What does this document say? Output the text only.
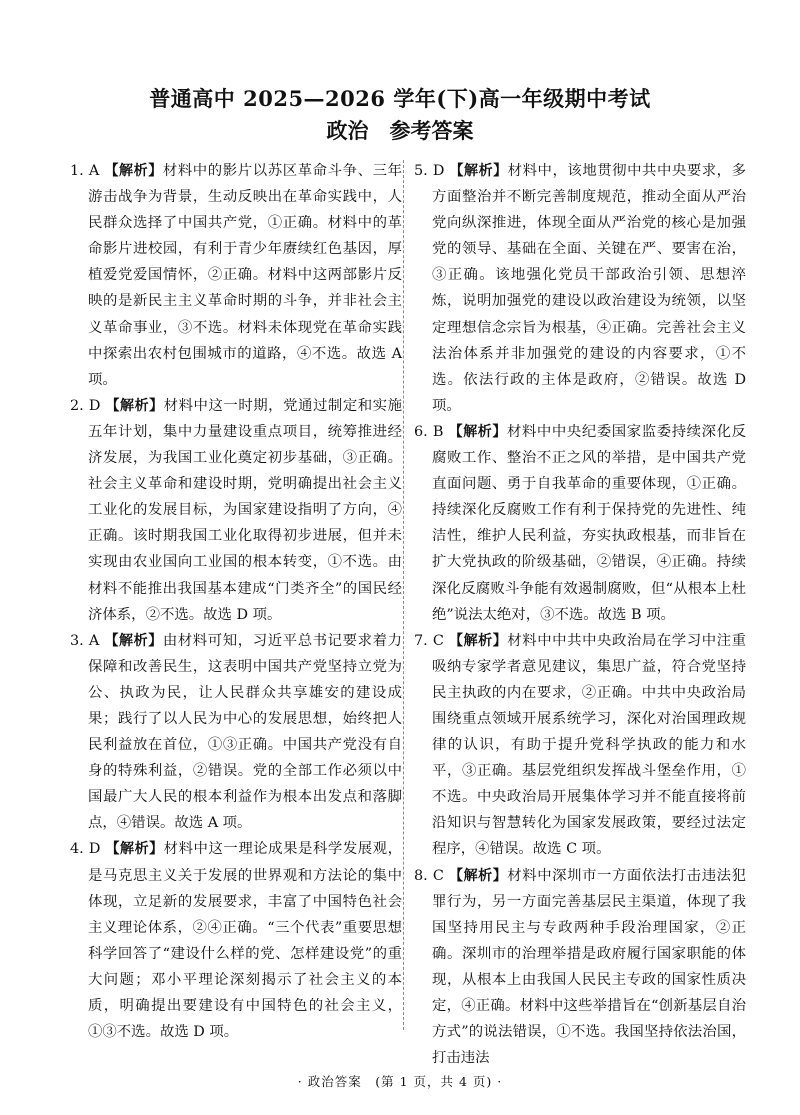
普通高中 2025—2026 学年(下)高一年级期中考试
政治　参考答案

1. A 【解析】材料中的影片以苏区革命斗争、三年游击战争为背景，生动反映出在革命实践中，人民群众选择了中国共产党，①正确。材料中的革命影片进校园，有利于青少年赓续红色基因，厚植爱党爱国情怀，②正确。材料中这两部影片反映的是新民主主义革命时期的斗争，并非社会主义革命事业，③不选。材料未体现党在革命实践中探索出农村包围城市的道路，④不选。故选 A 项。

2. D 【解析】材料中这一时期，党通过制定和实施五年计划，集中力量建设重点项目，统筹推进经济发展，为我国工业化奠定初步基础，③正确。社会主义革命和建设时期，党明确提出社会主义工业化的发展目标，为国家建设指明了方向，④正确。该时期我国工业化取得初步进展，但并未实现由农业国向工业国的根本转变，①不选。由材料不能推出我国基本建成“门类齐全”的国民经济体系，②不选。故选 D 项。

3. A 【解析】由材料可知，习近平总书记要求着力保障和改善民生，这表明中国共产党坚持立党为公、执政为民，让人民群众共享雄安的建设成果；践行了以人民为中心的发展思想，始终把人民利益放在首位，①③正确。中国共产党没有自身的特殊利益，②错误。党的全部工作必须以中国最广大人民的根本利益作为根本出发点和落脚点，④错误。故选 A 项。

4. D 【解析】材料中这一理论成果是科学发展观，是马克思主义关于发展的世界观和方法论的集中体现，立足新的发展要求，丰富了中国特色社会主义理论体系，②④正确。“三个代表”重要思想科学回答了“建设什么样的党、怎样建设党”的重大问题；邓小平理论深刻揭示了社会主义的本质，明确提出要建设有中国特色的社会主义，①③不选。故选 D 项。

5. D 【解析】材料中，该地贯彻中共中央要求，多方面整治并不断完善制度规范，推动全面从严治党向纵深推进，体现全面从严治党的核心是加强党的领导、基础在全面、关键在严、要害在治，③正确。该地强化党员干部政治引领、思想淬炼，说明加强党的建设以政治建设为统领，以坚定理想信念宗旨为根基，④正确。完善社会主义法治体系并非加强党的建设的内容要求，①不选。依法行政的主体是政府，②错误。故选 D 项。

6. B 【解析】材料中中央纪委国家监委持续深化反腐败工作、整治不正之风的举措，是中国共产党直面问题、勇于自我革命的重要体现，①正确。持续深化反腐败工作有利于保持党的先进性、纯洁性，维护人民利益，夯实执政根基，而非旨在扩大党执政的阶级基础，②错误，④正确。持续深化反腐败斗争能有效遏制腐败，但“从根本上杜绝”说法太绝对，③不选。故选 B 项。

7. C 【解析】材料中中共中央政治局在学习中注重吸纳专家学者意见建议，集思广益，符合党坚持民主执政的内在要求，②正确。中共中央政治局围绕重点领域开展系统学习，深化对治国理政规律的认识，有助于提升党科学执政的能力和水平，③正确。基层党组织发挥战斗堡垒作用，①不选。中央政治局开展集体学习并不能直接将前沿知识与智慧转化为国家发展政策，要经过法定程序，④错误。故选 C 项。

8. C 【解析】材料中深圳市一方面依法打击违法犯罪行为，另一方面完善基层民主渠道，体现了我国坚持用民主与专政两种手段治理国家，②正确。深圳市的治理举措是政府履行国家职能的体现，从根本上由我国人民民主专政的国家性质决定，④正确。材料中这些举措旨在“创新基层自治方式”的说法错误，①不选。我国坚持依法治国，打击违法

· 政治答案　(第 1 页，共 4 页) ·
